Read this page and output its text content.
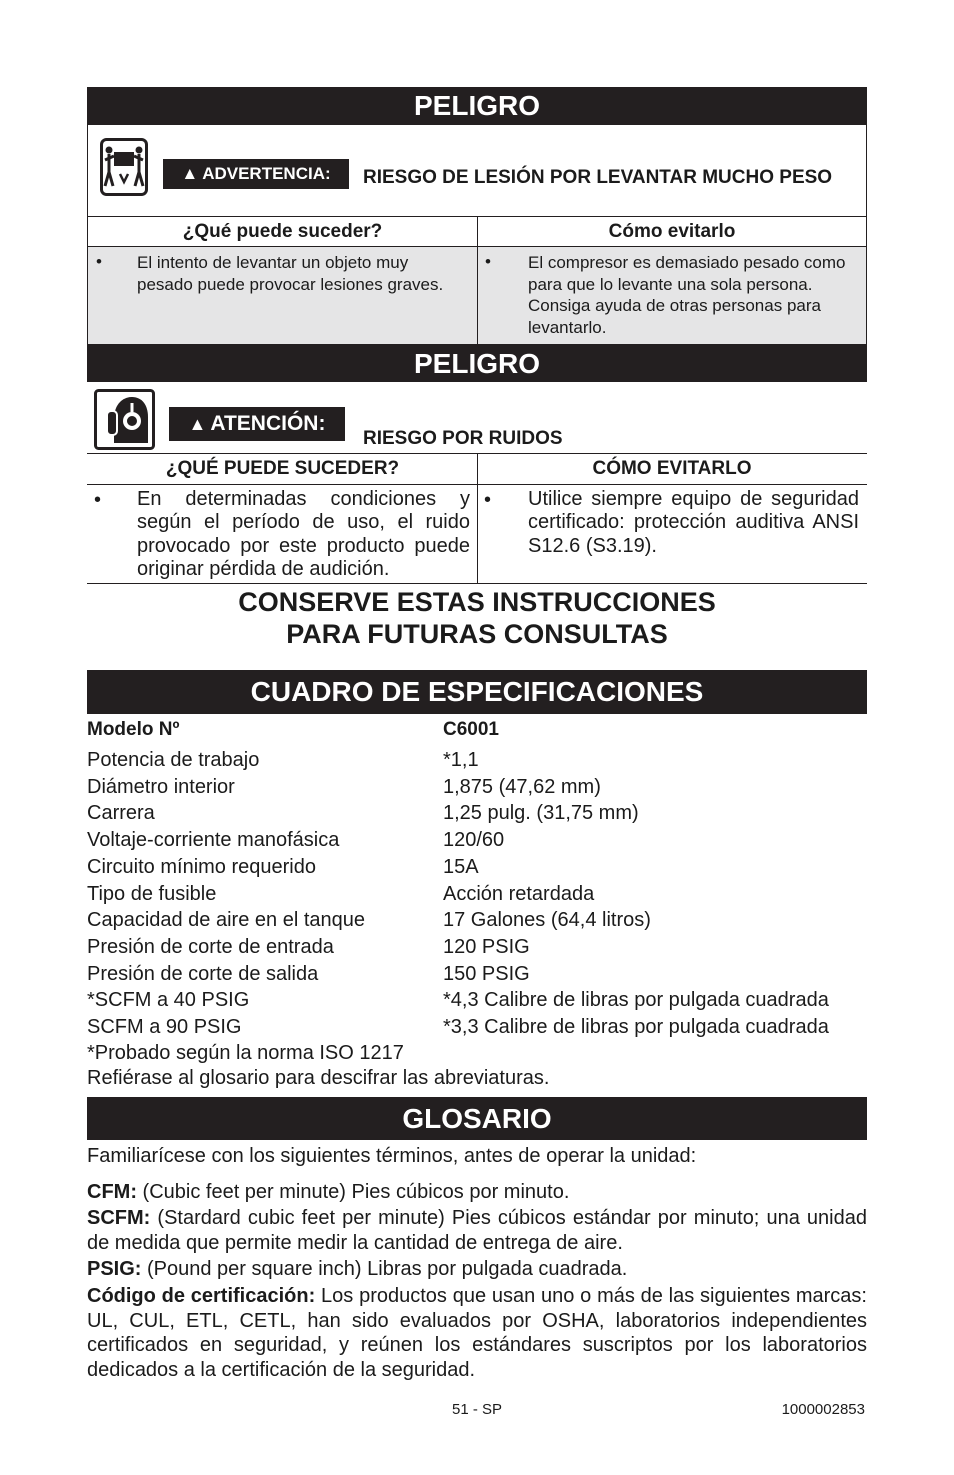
PELIGRO
▲ ADVERTENCIA: RIESGO DE LESIÓN POR LEVANTAR MUCHO PESO
¿Qué puede suceder?	Cómo evitarlo
• El intento de levantar un objeto muy pesado puede provocar lesiones graves.
• El compresor es demasiado pesado como para que lo levante una sola persona. Consiga ayuda de otras personas para levantarlo.
PELIGRO
▲ ATENCIÓN:
RIESGO POR RUIDOS
¿QUÉ PUEDE SUCEDER?	CÓMO EVITARLO
• En determinadas condiciones y según el período de uso, el ruido provocado por este producto puede originar pérdida de audición.
• Utilice siempre equipo de seguridad certificado: protección auditiva ANSI S12.6 (S3.19).
CONSERVE ESTAS INSTRUCCIONES
PARA FUTURAS CONSULTAS
CUADRO DE ESPECIFICACIONES
Modelo Nº	C6001
Potencia de trabajo	*1,1
Diámetro interior	1,875 (47,62 mm)
Carrera	1,25 pulg. (31,75 mm)
Voltaje-corriente manofásica	120/60
Circuito mínimo requerido	15A
Tipo de fusible	Acción retardada
Capacidad de aire en el tanque	17 Galones (64,4 litros)
Presión de corte de entrada	120 PSIG
Presión de corte de salida	150 PSIG
*SCFM a 40 PSIG	*4,3 Calibre de libras por pulgada cuadrada
SCFM a 90 PSIG	*3,3 Calibre de libras por pulgada cuadrada
*Probado según la norma ISO 1217
Refiérase al glosario para descifrar las abreviaturas.
GLOSARIO
Familiarícese con los siguientes términos, antes de operar la unidad:
CFM: (Cubic feet per minute) Pies cúbicos por minuto.
SCFM: (Stardard cubic feet per minute) Pies cúbicos estándar por minuto; una unidad de medida que permite medir la cantidad de entrega de aire.
PSIG: (Pound per square inch) Libras por pulgada cuadrada.
Código de certificación: Los productos que usan uno o más de las siguientes marcas: UL, CUL, ETL, CETL, han sido evaluados por OSHA, laboratorios independientes certificados en seguridad, y reúnen los estándares suscriptos por los laboratorios dedicados a la certificación de la seguridad.
51 - SP	1000002853
